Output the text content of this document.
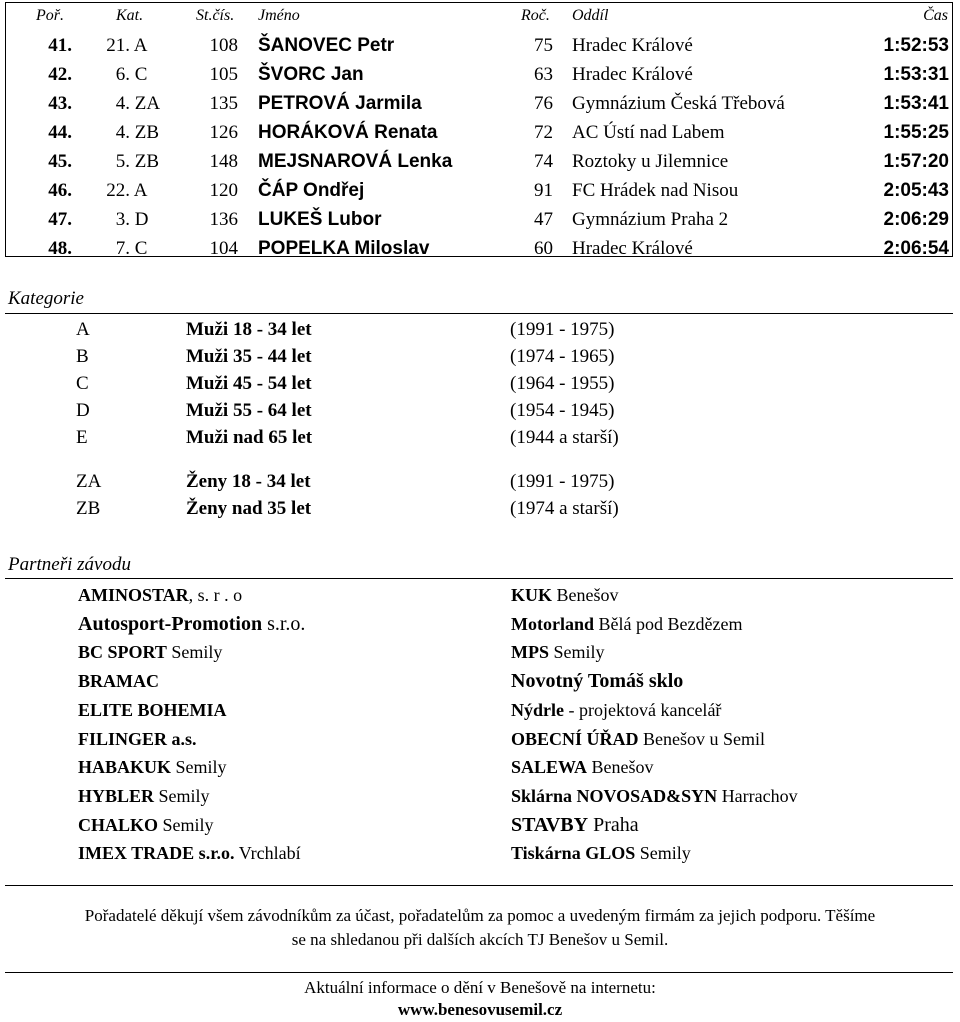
Poř.	Kat.	St.čís. Jméno	Roč. Oddíl	Čas
41.	21. A	108 ŠANOVEC Petr	75 Hradec Králové	1:52:53
42.	6. C	105 ŠVORC Jan	63 Hradec Králové	1:53:31
43.	4. ZA	135 PETROVÁ Jarmila	76 Gymnázium Česká Třebová	1:53:41
44.	4. ZB	126 HORÁKOVÁ Renata	72 AC Ústí nad Labem	1:55:25
45.	5. ZB	148 MEJSNAROVÁ Lenka	74 Roztoky u Jilemnice	1:57:20
46.	22. A	120 ČÁP Ondřej	91 FC Hrádek nad Nisou	2:05:43
47.	3. D	136 LUKEŠ Lubor	47 Gymnázium Praha 2	2:06:29
48.	7. C	104 POPELKA Miloslav	60 Hradec Králové	2:06:54
Kategorie
A	Muži 18 - 34 let	(1991 - 1975)
B	Muži 35 - 44 let	(1974 - 1965)
C	Muži 45 - 54 let	(1964 - 1955)
D	Muži 55 - 64 let	(1954 - 1945)
E	Muži nad 65 let	(1944 a starší)
ZA	Ženy 18 - 34 let	(1991 - 1975)
ZB	Ženy nad 35 let	(1974 a starší)
Partneři závodu
AMINOSTAR, s. r . o
Autosport-Promotion s.r.o.
BC SPORT Semily
BRAMAC
ELITE BOHEMIA
FILINGER a.s.
HABAKUK Semily
HYBLER Semily
CHALKO Semily
IMEX TRADE s.r.o. Vrchlabí
KUK Benešov
Motorland Bělá pod Bezdězem
MPS Semily
Novotný Tomáš sklo
Nýdrle - projektová kancelář
OBECNÍ ÚŘAD Benešov u Semil
SALEWA Benešov
Sklárna NOVOSAD&SYN Harrachov
STAVBY Praha
Tiskárna GLOS Semily
Pořadatelé děkují všem závodníkům za účast, pořadatelům za pomoc a uvedeným firmám za jejich podporu. Těšíme
se na shledanou při dalších akcích TJ Benešov u Semil.
Aktuální informace o dění v Benešově na internetu:
www.benesovusemil.cz
